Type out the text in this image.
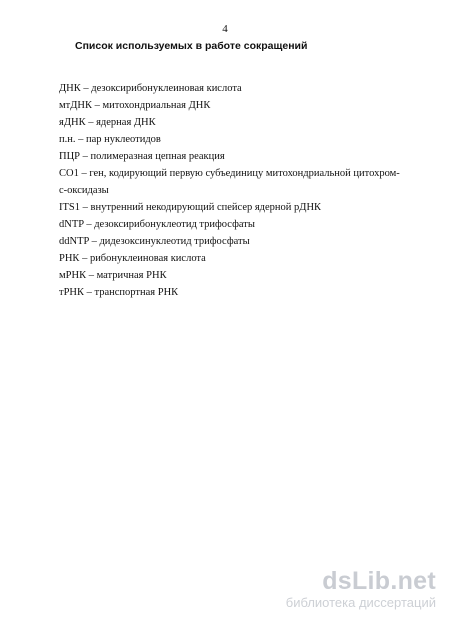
4
Список используемых в работе сокращений
ДНК – дезоксирибонуклеиновая кислота
мтДНК – митохондриальная ДНК
яДНК – ядерная ДНК
п.н. – пар нуклеотидов
ПЦР – полимеразная цепная реакция
CO1 – ген, кодирующий первую субъединицу митохондриальной цитохром-
с-оксидазы
ITS1 – внутренний некодирующий спейсер ядерной рДНК
dNTP – дезоксирибонуклеотид трифосфаты
ddNTP – дидезоксинуклеотид трифосфаты
РНК – рибонуклеиновая кислота
мРНК – матричная РНК
тРНК – транспортная РНК
dsLib.net
библиотека диссертаций
